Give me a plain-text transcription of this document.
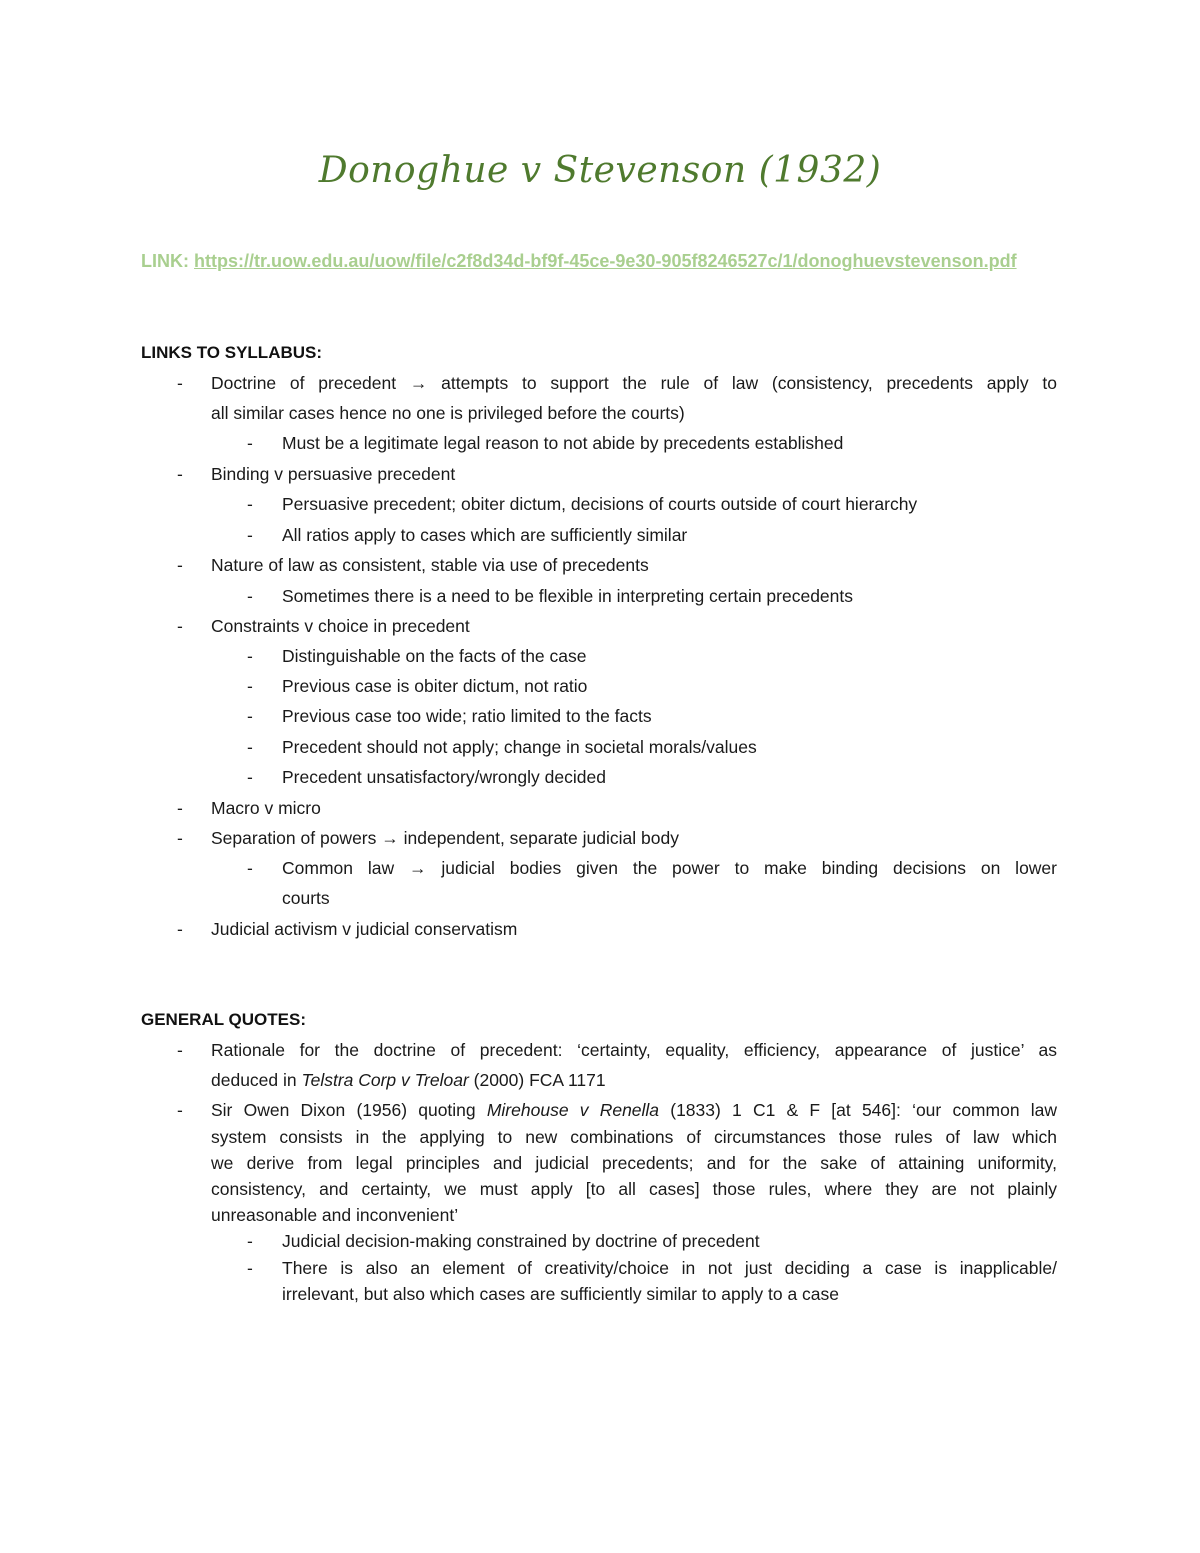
Donoghue v Stevenson (1932)
LINK: https://tr.uow.edu.au/uow/file/c2f8d34d-bf9f-45ce-9e30-905f8246527c/1/donoghuevstevenson.pdf
LINKS TO SYLLABUS:
- Doctrine of precedent → attempts to support the rule of law (consistency, precedents apply to
all similar cases hence no one is privileged before the courts)
- Must be a legitimate legal reason to not abide by precedents established
- Binding v persuasive precedent
- Persuasive precedent; obiter dictum, decisions of courts outside of court hierarchy
- All ratios apply to cases which are sufficiently similar
- Nature of law as consistent, stable via use of precedents
- Sometimes there is a need to be flexible in interpreting certain precedents
- Constraints v choice in precedent
- Distinguishable on the facts of the case
- Previous case is obiter dictum, not ratio
- Previous case too wide; ratio limited to the facts
- Precedent should not apply; change in societal morals/values
- Precedent unsatisfactory/wrongly decided
- Macro v micro
- Separation of powers → independent, separate judicial body
- Common law → judicial bodies given the power to make binding decisions on lower
courts
- Judicial activism v judicial conservatism
GENERAL QUOTES:
- Rationale for the doctrine of precedent: ‘certainty, equality, efficiency, appearance of justice’ as
deduced in Telstra Corp v Treloar (2000) FCA 1171
- Sir Owen Dixon (1956) quoting Mirehouse v Renella (1833) 1 C1 & F [at 546]: ‘our common law
system consists in the applying to new combinations of circumstances those rules of law which
we derive from legal principles and judicial precedents; and for the sake of attaining uniformity,
consistency, and certainty, we must apply [to all cases] those rules, where they are not plainly
unreasonable and inconvenient’
- Judicial decision-making constrained by doctrine of precedent
- There is also an element of creativity/choice in not just deciding a case is inapplicable/
irrelevant, but also which cases are sufficiently similar to apply to a case
